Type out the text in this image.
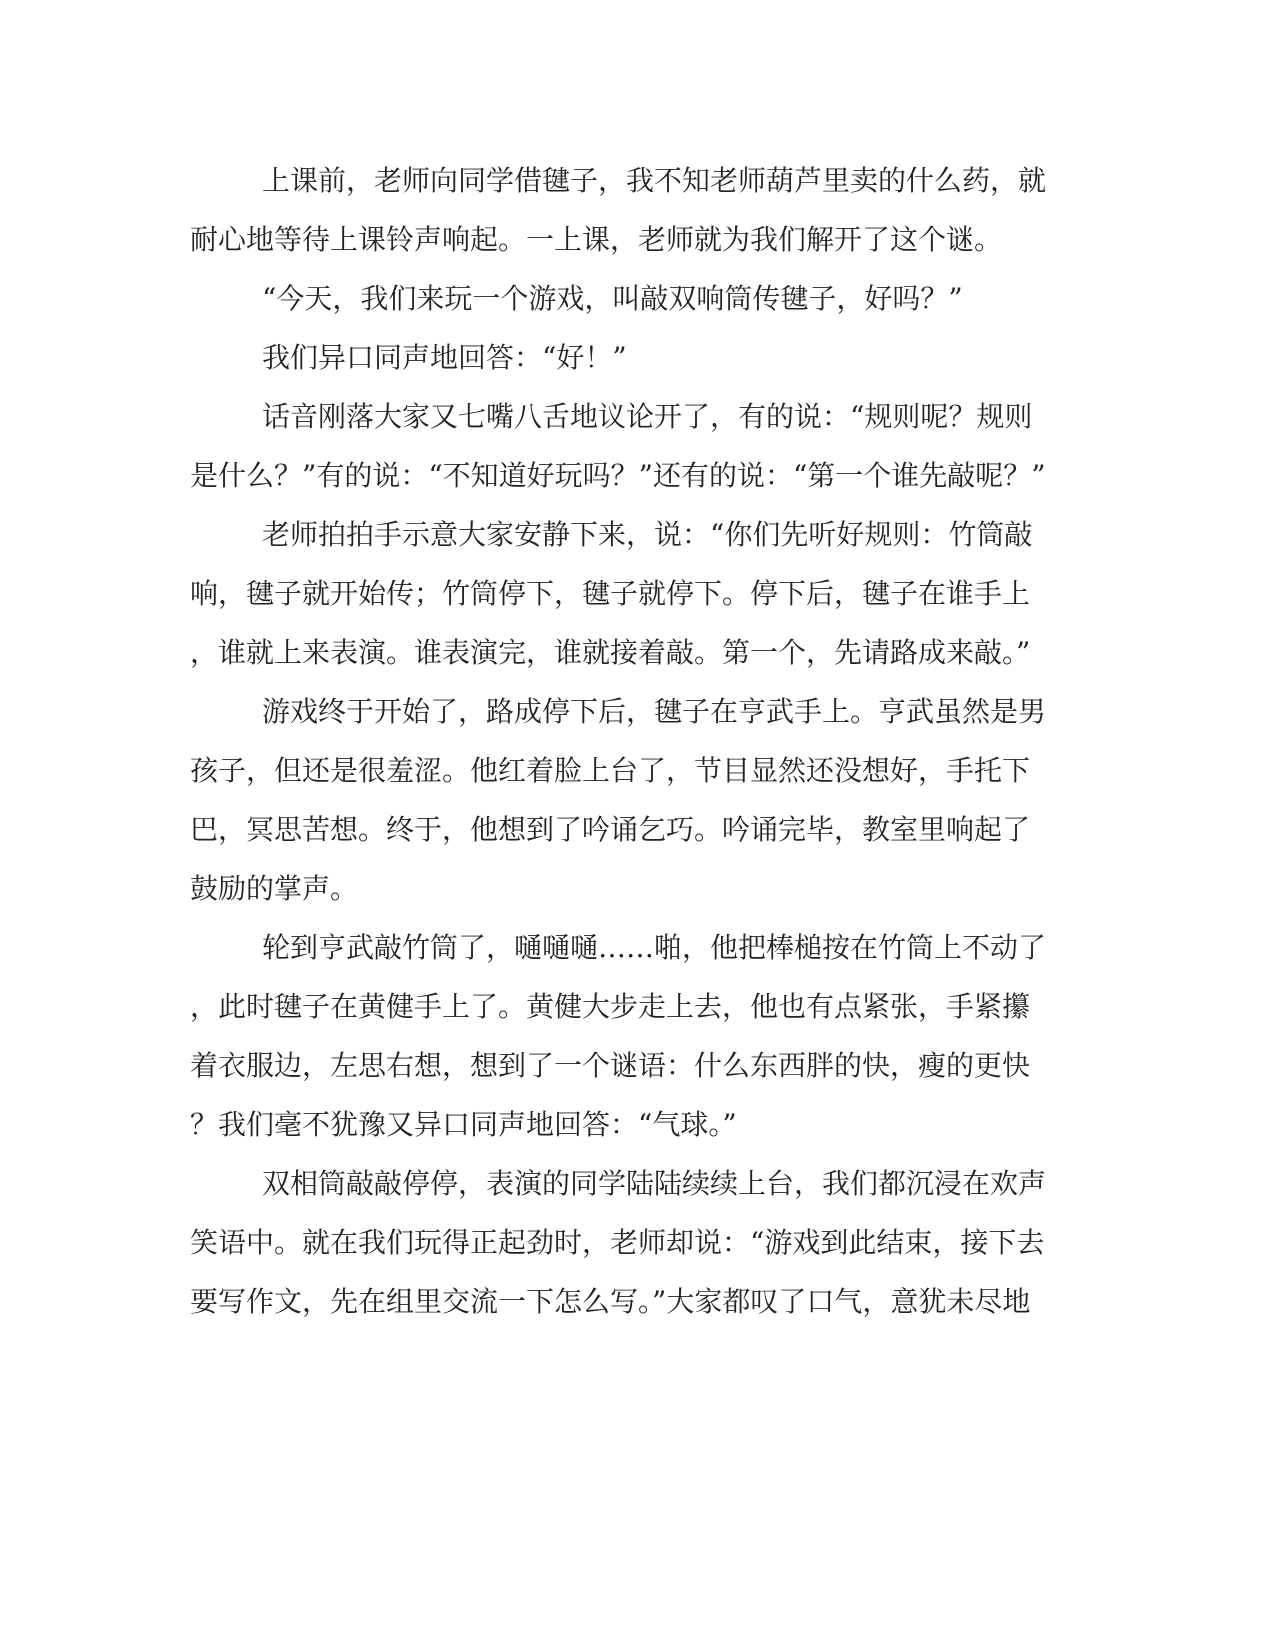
上课前，老师向同学借毽子，我不知老师葫芦里卖的什么药，就
耐心地等待上课铃声响起。一上课，老师就为我们解开了这个谜。
“今天，我们来玩一个游戏，叫敲双响筒传毽子，好吗？”
我们异口同声地回答：“好！”
话音刚落大家又七嘴八舌地议论开了，有的说：“规则呢？规则
是什么？”有的说：“不知道好玩吗？”还有的说：“第一个谁先敲呢？”
老师拍拍手示意大家安静下来，说：“你们先听好规则：竹筒敲
响，毽子就开始传；竹筒停下，毽子就停下。停下后，毽子在谁手上
，谁就上来表演。谁表演完，谁就接着敲。第一个，先请路成来敲。”
游戏终于开始了，路成停下后，毽子在亨武手上。亨武虽然是男
孩子，但还是很羞涩。他红着脸上台了，节目显然还没想好，手托下
巴，冥思苦想。终于，他想到了吟诵乞巧。吟诵完毕，教室里响起了
鼓励的掌声。
轮到亨武敲竹筒了，嗵嗵嗵……啪，他把棒槌按在竹筒上不动了
，此时毽子在黄健手上了。黄健大步走上去，他也有点紧张，手紧攥
着衣服边，左思右想，想到了一个谜语：什么东西胖的快，瘦的更快
？我们毫不犹豫又异口同声地回答：“气球。”
双相筒敲敲停停，表演的同学陆陆续续上台，我们都沉浸在欢声
笑语中。就在我们玩得正起劲时，老师却说：“游戏到此结束，接下去
要写作文，先在组里交流一下怎么写。”大家都叹了口气，意犹未尽地
